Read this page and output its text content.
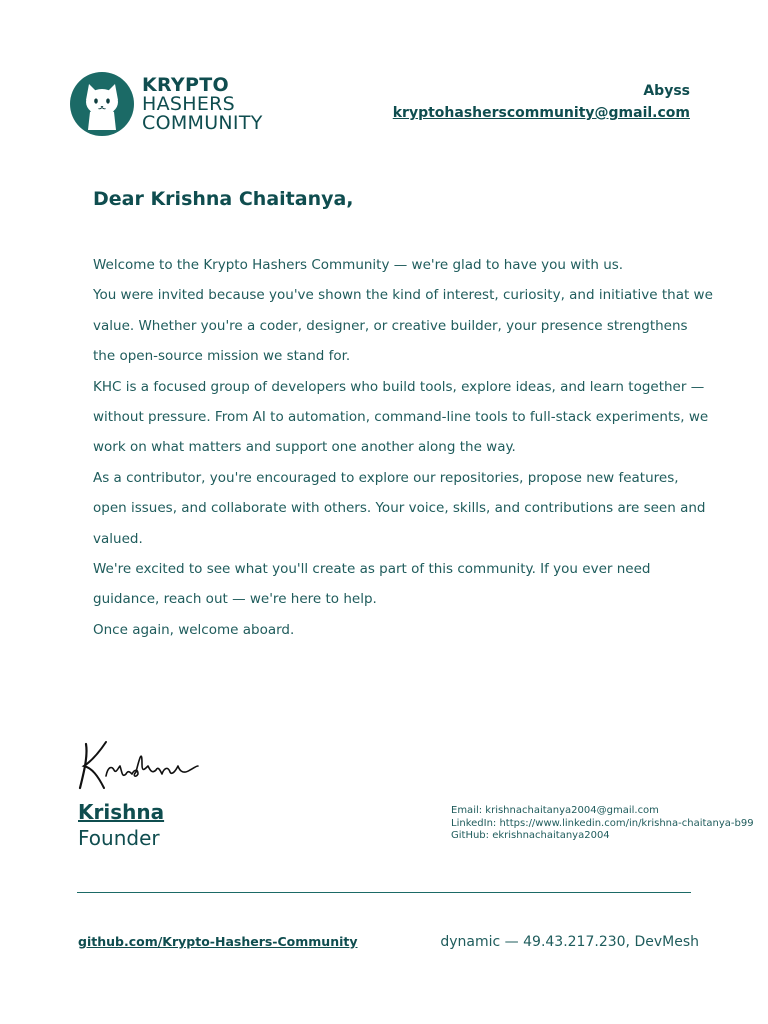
KRYPTO
HASHERS
COMMUNITY
Abyss
kryptohasherscommunity@gmail.com
Dear Krishna Chaitanya,

Welcome to the Krypto Hashers Community — we're glad to have you with us.

You were invited because you've shown the kind of interest, curiosity, and initiative that we value. Whether you're a coder, designer, or creative builder, your presence strengthens the open-source mission we stand for.

KHC is a focused group of developers who build tools, explore ideas, and learn together — without pressure. From AI to automation, command-line tools to full-stack experiments, we work on what matters and support one another along the way.

As a contributor, you're encouraged to explore our repositories, propose new features, open issues, and collaborate with others. Your voice, skills, and contributions are seen and valued.

We're excited to see what you'll create as part of this community. If you ever need guidance, reach out — we're here to help.

Once again, welcome aboard.

Krishna
Founder
Email: krishnachaitanya2004@gmail.com
LinkedIn: https://www.linkedin.com/in/krishna-chaitanya-b99
GitHub: ekrishnachaitanya2004
github.com/Krypto-Hashers-Community	dynamic — 49.43.217.230, DevMesh
